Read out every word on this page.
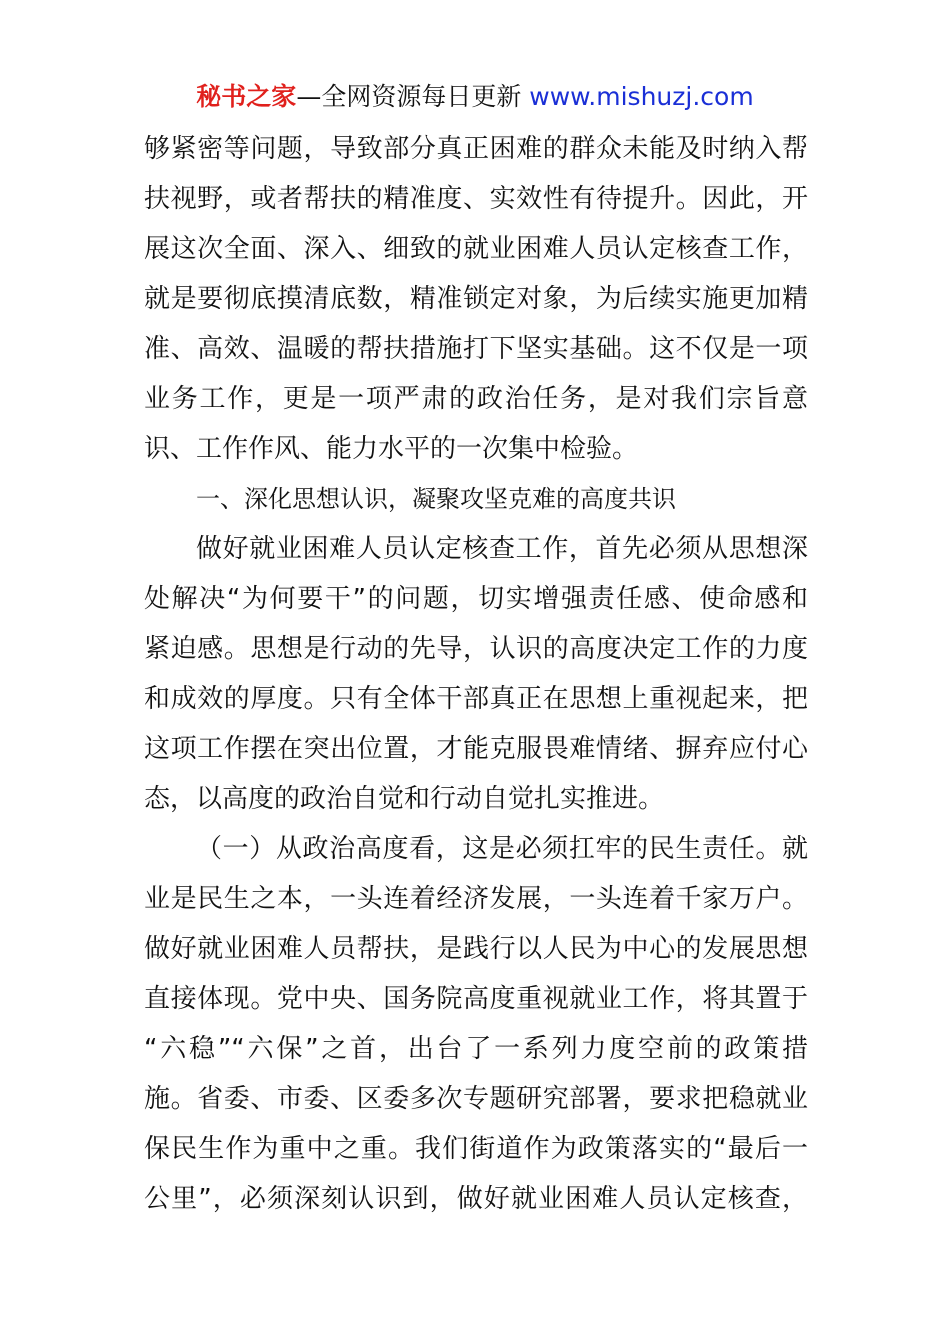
秘书之家—全网资源每日更新 www.mishuzj.com
够紧密等问题，导致部分真正困难的群众未能及时纳入帮
扶视野，或者帮扶的精准度、实效性有待提升。因此，开
展这次全面、深入、细致的就业困难人员认定核查工作，
就是要彻底摸清底数，精准锁定对象，为后续实施更加精
准、高效、温暖的帮扶措施打下坚实基础。这不仅是一项
业务工作，更是一项严肃的政治任务，是对我们宗旨意
识、工作作风、能力水平的一次集中检验。
一、深化思想认识，凝聚攻坚克难的高度共识
做好就业困难人员认定核查工作，首先必须从思想深
处解决“为何要干”的问题，切实增强责任感、使命感和
紧迫感。思想是行动的先导，认识的高度决定工作的力度
和成效的厚度。只有全体干部真正在思想上重视起来，把
这项工作摆在突出位置，才能克服畏难情绪、摒弃应付心
态，以高度的政治自觉和行动自觉扎实推进。
（一）从政治高度看，这是必须扛牢的民生责任。就
业是民生之本，一头连着经济发展，一头连着千家万户。
做好就业困难人员帮扶，是践行以人民为中心的发展思想
直接体现。党中央、国务院高度重视就业工作，将其置于
“六稳”“六保”之首，出台了一系列力度空前的政策措
施。省委、市委、区委多次专题研究部署，要求把稳就业
保民生作为重中之重。我们街道作为政策落实的“最后一
公里”，必须深刻认识到，做好就业困难人员认定核查，
